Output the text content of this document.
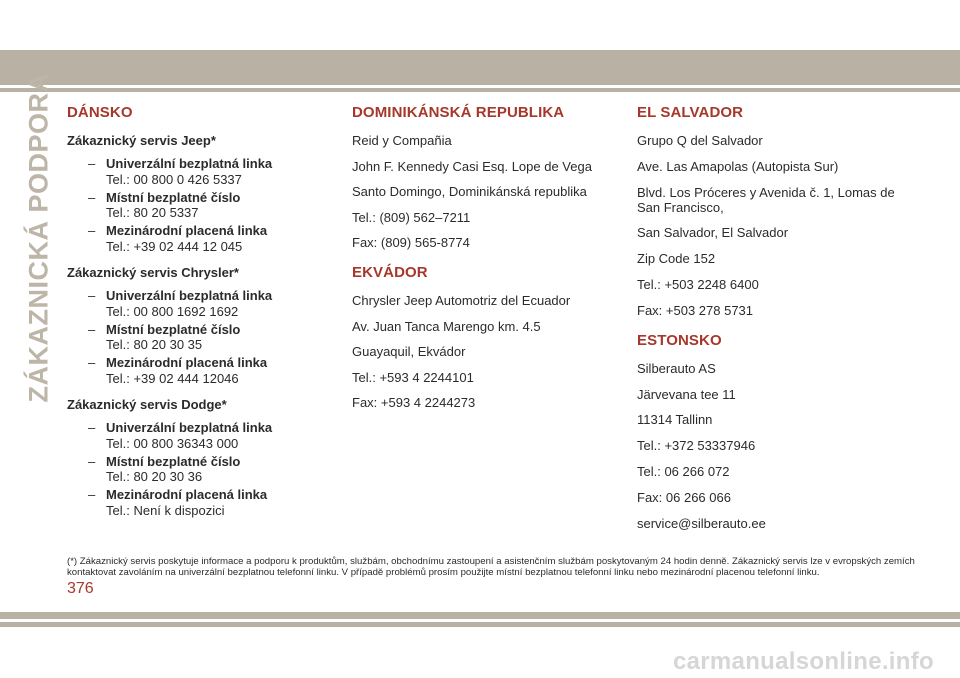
ZÁKAZNICKÁ PODPORA DÁNSKO
Zákaznický servis Jeep*
– Univerzální bezplatná linka
Tel.: 00 800 0 426 5337
– Místní bezplatné číslo
Tel.: 80 20 5337
– Mezinárodní placená linka
Tel.: +39 02 444 12 045
Zákaznický servis Chrysler*
– Univerzální bezplatná linka
Tel.: 00 800 1692 1692
– Místní bezplatné číslo
Tel.: 80 20 30 35
– Mezinárodní placená linka
Tel.: +39 02 444 12046
Zákaznický servis Dodge*
– Univerzální bezplatná linka
Tel.: 00 800 36343 000
– Místní bezplatné číslo
Tel.: 80 20 30 36
– Mezinárodní placená linka
Tel.: Není k dispozici
DOMINIKÁNSKÁ REPUBLIKA
Reid y Compañia
John F. Kennedy Casi Esq. Lope de Vega
Santo Domingo, Dominikánská republika
Tel.: (809) 562–7211
Fax: (809) 565-8774
EKVÁDOR
Chrysler Jeep Automotriz del Ecuador
Av. Juan Tanca Marengo km. 4.5
Guayaquil, Ekvádor
Tel.: +593 4 2244101
Fax: +593 4 2244273
EL SALVADOR
Grupo Q del Salvador
Ave. Las Amapolas (Autopista Sur)
Blvd. Los Próceres y Avenida č. 1, Lomas de San Francisco,
San Salvador, El Salvador
Zip Code 152
Tel.: +503 2248 6400
Fax: +503 278 5731
ESTONSKO
Silberauto AS
Järvevana tee 11
11314 Tallinn
Tel.: +372 53337946
Tel.: 06 266 072
Fax: 06 266 066
service@silberauto.ee
(*) Zákaznický servis poskytuje informace a podporu k produktům, službám, obchodnímu zastoupení a asistenčním službám poskytovaným 24 hodin denně. Zákaznický servis lze v evropských zemích kontaktovat zavoláním na univerzální bezplatnou telefonní linku. V případě problémů prosím použijte místní bezplatnou telefonní linku nebo mezinárodní placenou telefonní linku.
376
carmanualsonline.info
